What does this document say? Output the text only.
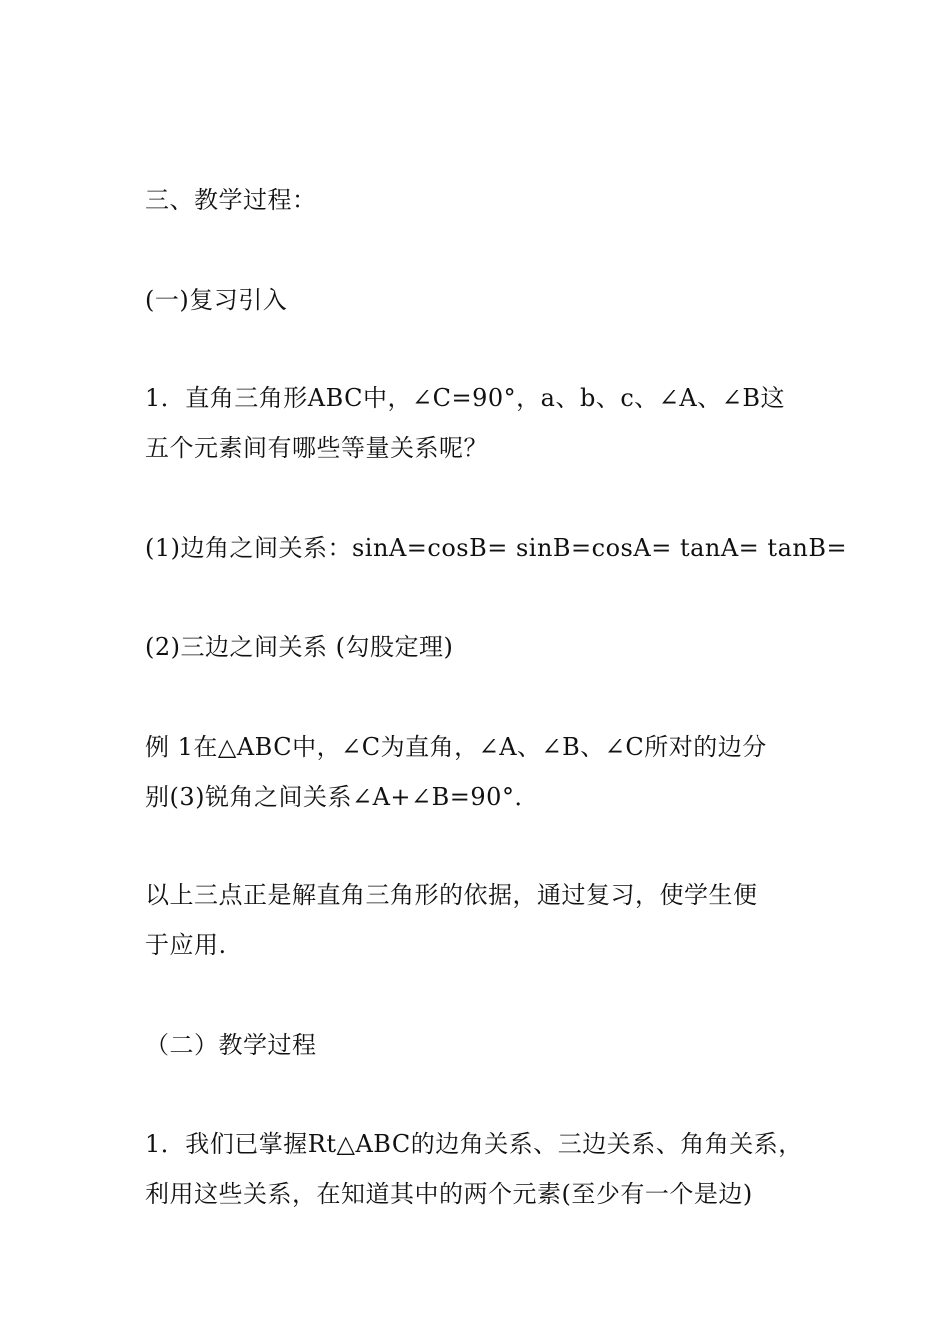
三、教学过程：
(一)复习引入
1．直角三角形ABC中，∠C=90°，a、b、c、∠A、∠B这
五个元素间有哪些等量关系呢？
(1)边角之间关系：sinA=cosB= sinB=cosA= tanA= tanB=
(2)三边之间关系 (勾股定理)
例 1在△ABC中，∠C为直角，∠A、∠B、∠C所对的边分
别(3)锐角之间关系∠A+∠B=90°．
以上三点正是解直角三角形的依据，通过复习，使学生便
于应用.
（二）教学过程
1．我们已掌握Rt△ABC的边角关系、三边关系、角角关系，
利用这些关系，在知道其中的两个元素(至少有一个是边)
